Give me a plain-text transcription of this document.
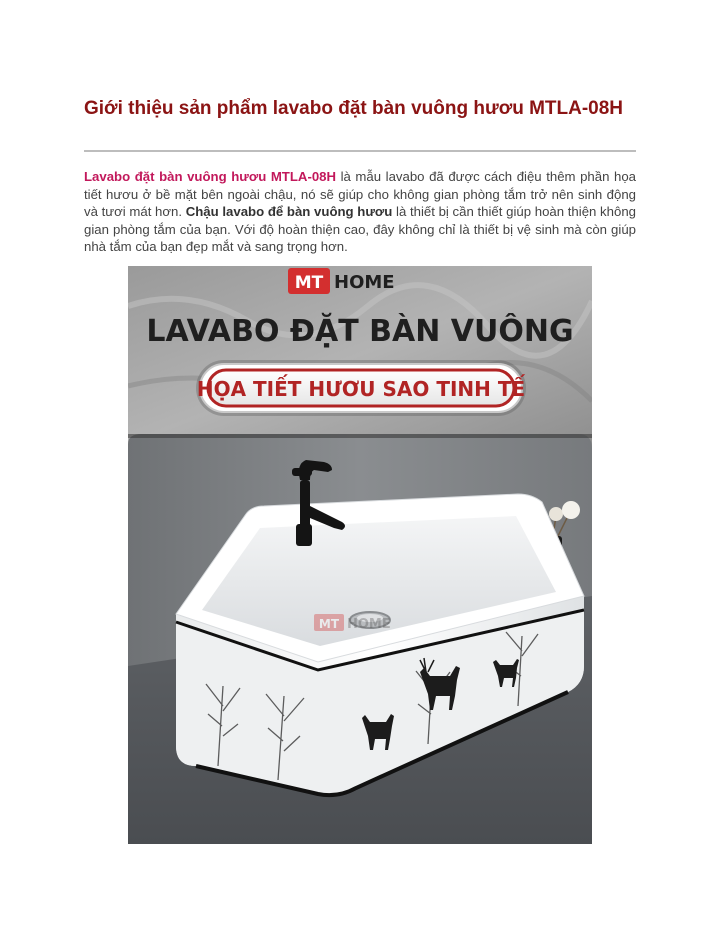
Giới thiệu sản phẩm lavabo đặt bàn vuông hươu MTLA-08H

Lavabo đặt bàn vuông hươu MTLA-08H là mẫu lavabo đã được cách điệu thêm phần họa tiết hươu ở bề mặt bên ngoài chậu, nó sẽ giúp cho không gian phòng tắm trở nên sinh động và tươi mát hơn. Chậu lavabo để bàn vuông hươu là thiết bị cần thiết giúp hoàn thiện không gian phòng tắm của bạn. Với độ hoàn thiện cao, đây không chỉ là thiết bị vệ sinh mà còn giúp nhà tắm của bạn đẹp mắt và sang trọng hơn.

MT HOME
LAVABO ĐẶT BÀN VUÔNG
HỌA TIẾT HƯƠU SAO TINH TẾ
MT HOME
